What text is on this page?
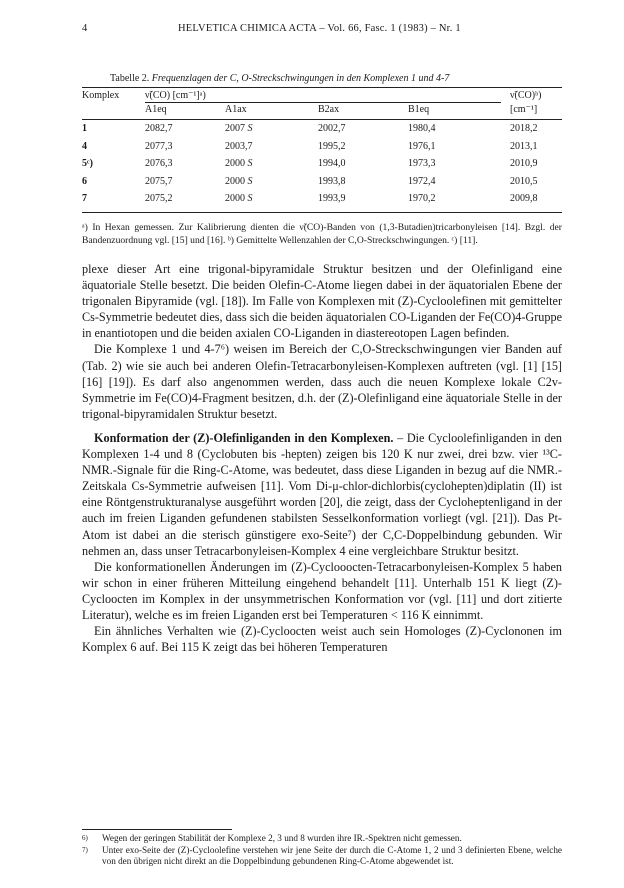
4	HELVETICA CHIMICA ACTA – Vol. 66, Fasc. 1 (1983) – Nr. 1
Tabelle 2. Frequenzlagen der C, O-Streckschwingungen in den Komplexen 1 und 4-7
Komplex	ν̃(CO) [cm⁻¹]ᵃ)	ν̃(CO)ᵇ)
A1eq	A1ax	B2ax	B1eq	[cm⁻¹]
1	2082,7	2007 S	2002,7	1980,4	2018,2
4	2077,3	2003,7	1995,2	1976,1	2013,1
5ᶜ)	2076,3	2000 S	1994,0	1973,3	2010,9
6	2075,7	2000 S	1993,8	1972,4	2010,5
7	2075,2	2000 S	1993,9	1970,2	2009,8
ᵃ) In Hexan gemessen. Zur Kalibrierung dienten die ν̃(CO)-Banden von (1,3-Butadien)tricarbonyleisen [14]. Bzgl. der Bandenzuordnung vgl. [15] und [16]. ᵇ) Gemittelte Wellenzahlen der C,O-Streckschwingungen. ᶜ) [11].

plexe dieser Art eine trigonal-bipyramidale Struktur besitzen und der Olefinligand eine äquatoriale Stelle besetzt. Die beiden Olefin-C-Atome liegen dabei in der äquatorialen Ebene der trigonalen Bipyramide (vgl. [18]). Im Falle von Komplexen mit (Z)-Cycloolefinen mit gemittelter Cs-Symmetrie bedeutet dies, dass sich die beiden äquatorialen CO-Liganden der Fe(CO)4-Gruppe in enantiotopen und die beiden axialen CO-Liganden in diastereotopen Lagen befinden.

Die Komplexe 1 und 4-7⁶) weisen im Bereich der C,O-Streckschwingungen vier Banden auf (Tab. 2) wie sie auch bei anderen Olefin-Tetracarbonyleisen-Komplexen auftreten (vgl. [1] [15] [16] [19]). Es darf also angenommen werden, dass auch die neuen Komplexe lokale C2v-Symmetrie im Fe(CO)4-Fragment besitzen, d.h. der (Z)-Olefinligand eine äquatoriale Stelle in der trigonal-bipyramidalen Struktur besetzt.

Konformation der (Z)-Olefinliganden in den Komplexen. – Die Cycloolefinliganden in den Komplexen 1-4 und 8 (Cyclobuten bis -hepten) zeigen bis 120 K nur zwei, drei bzw. vier ¹³C-NMR.-Signale für die Ring-C-Atome, was bedeutet, dass diese Liganden in bezug auf die NMR.-Zeitskala Cs-Symmetrie aufweisen [11]. Vom Di-μ-chlor-dichlorbis(cyclohepten)diplatin (II) ist eine Röntgenstrukturanalyse ausgeführt worden [20], die zeigt, dass der Cycloheptenligand in der auch im freien Liganden gefundenen stabilsten Sesselkonformation vorliegt (vgl. [21]). Das Pt-Atom ist dabei an die sterisch günstigere exo-Seite⁷) der C,C-Doppelbindung gebunden. Wir nehmen an, dass unser Tetracarbonyleisen-Komplex 4 eine vergleichbare Struktur besitzt.

Die konformationellen Änderungen im (Z)-Cyclooocten-Tetracarbonyleisen-Komplex 5 haben wir schon in einer früheren Mitteilung eingehend behandelt [11]. Unterhalb 151 K liegt (Z)-Cycloocten im Komplex in der unsymmetrischen Konformation vor (vgl. [11] und dort zitierte Literatur), welche es im freien Liganden erst bei Temperaturen < 116 K einnimmt.

Ein ähnliches Verhalten wie (Z)-Cycloocten weist auch sein Homologes (Z)-Cyclononen im Komplex 6 auf. Bei 115 K zeigt das bei höheren Temperaturen

6) Wegen der geringen Stabilität der Komplexe 2, 3 und 8 wurden ihre IR.-Spektren nicht gemessen.
7) Unter exo-Seite der (Z)-Cycloolefine verstehen wir jene Seite der durch die C-Atome 1, 2 und 3 definierten Ebene, welche von den übrigen nicht direkt an die Doppelbindung gebundenen Ring-C-Atome abgewendet ist.
